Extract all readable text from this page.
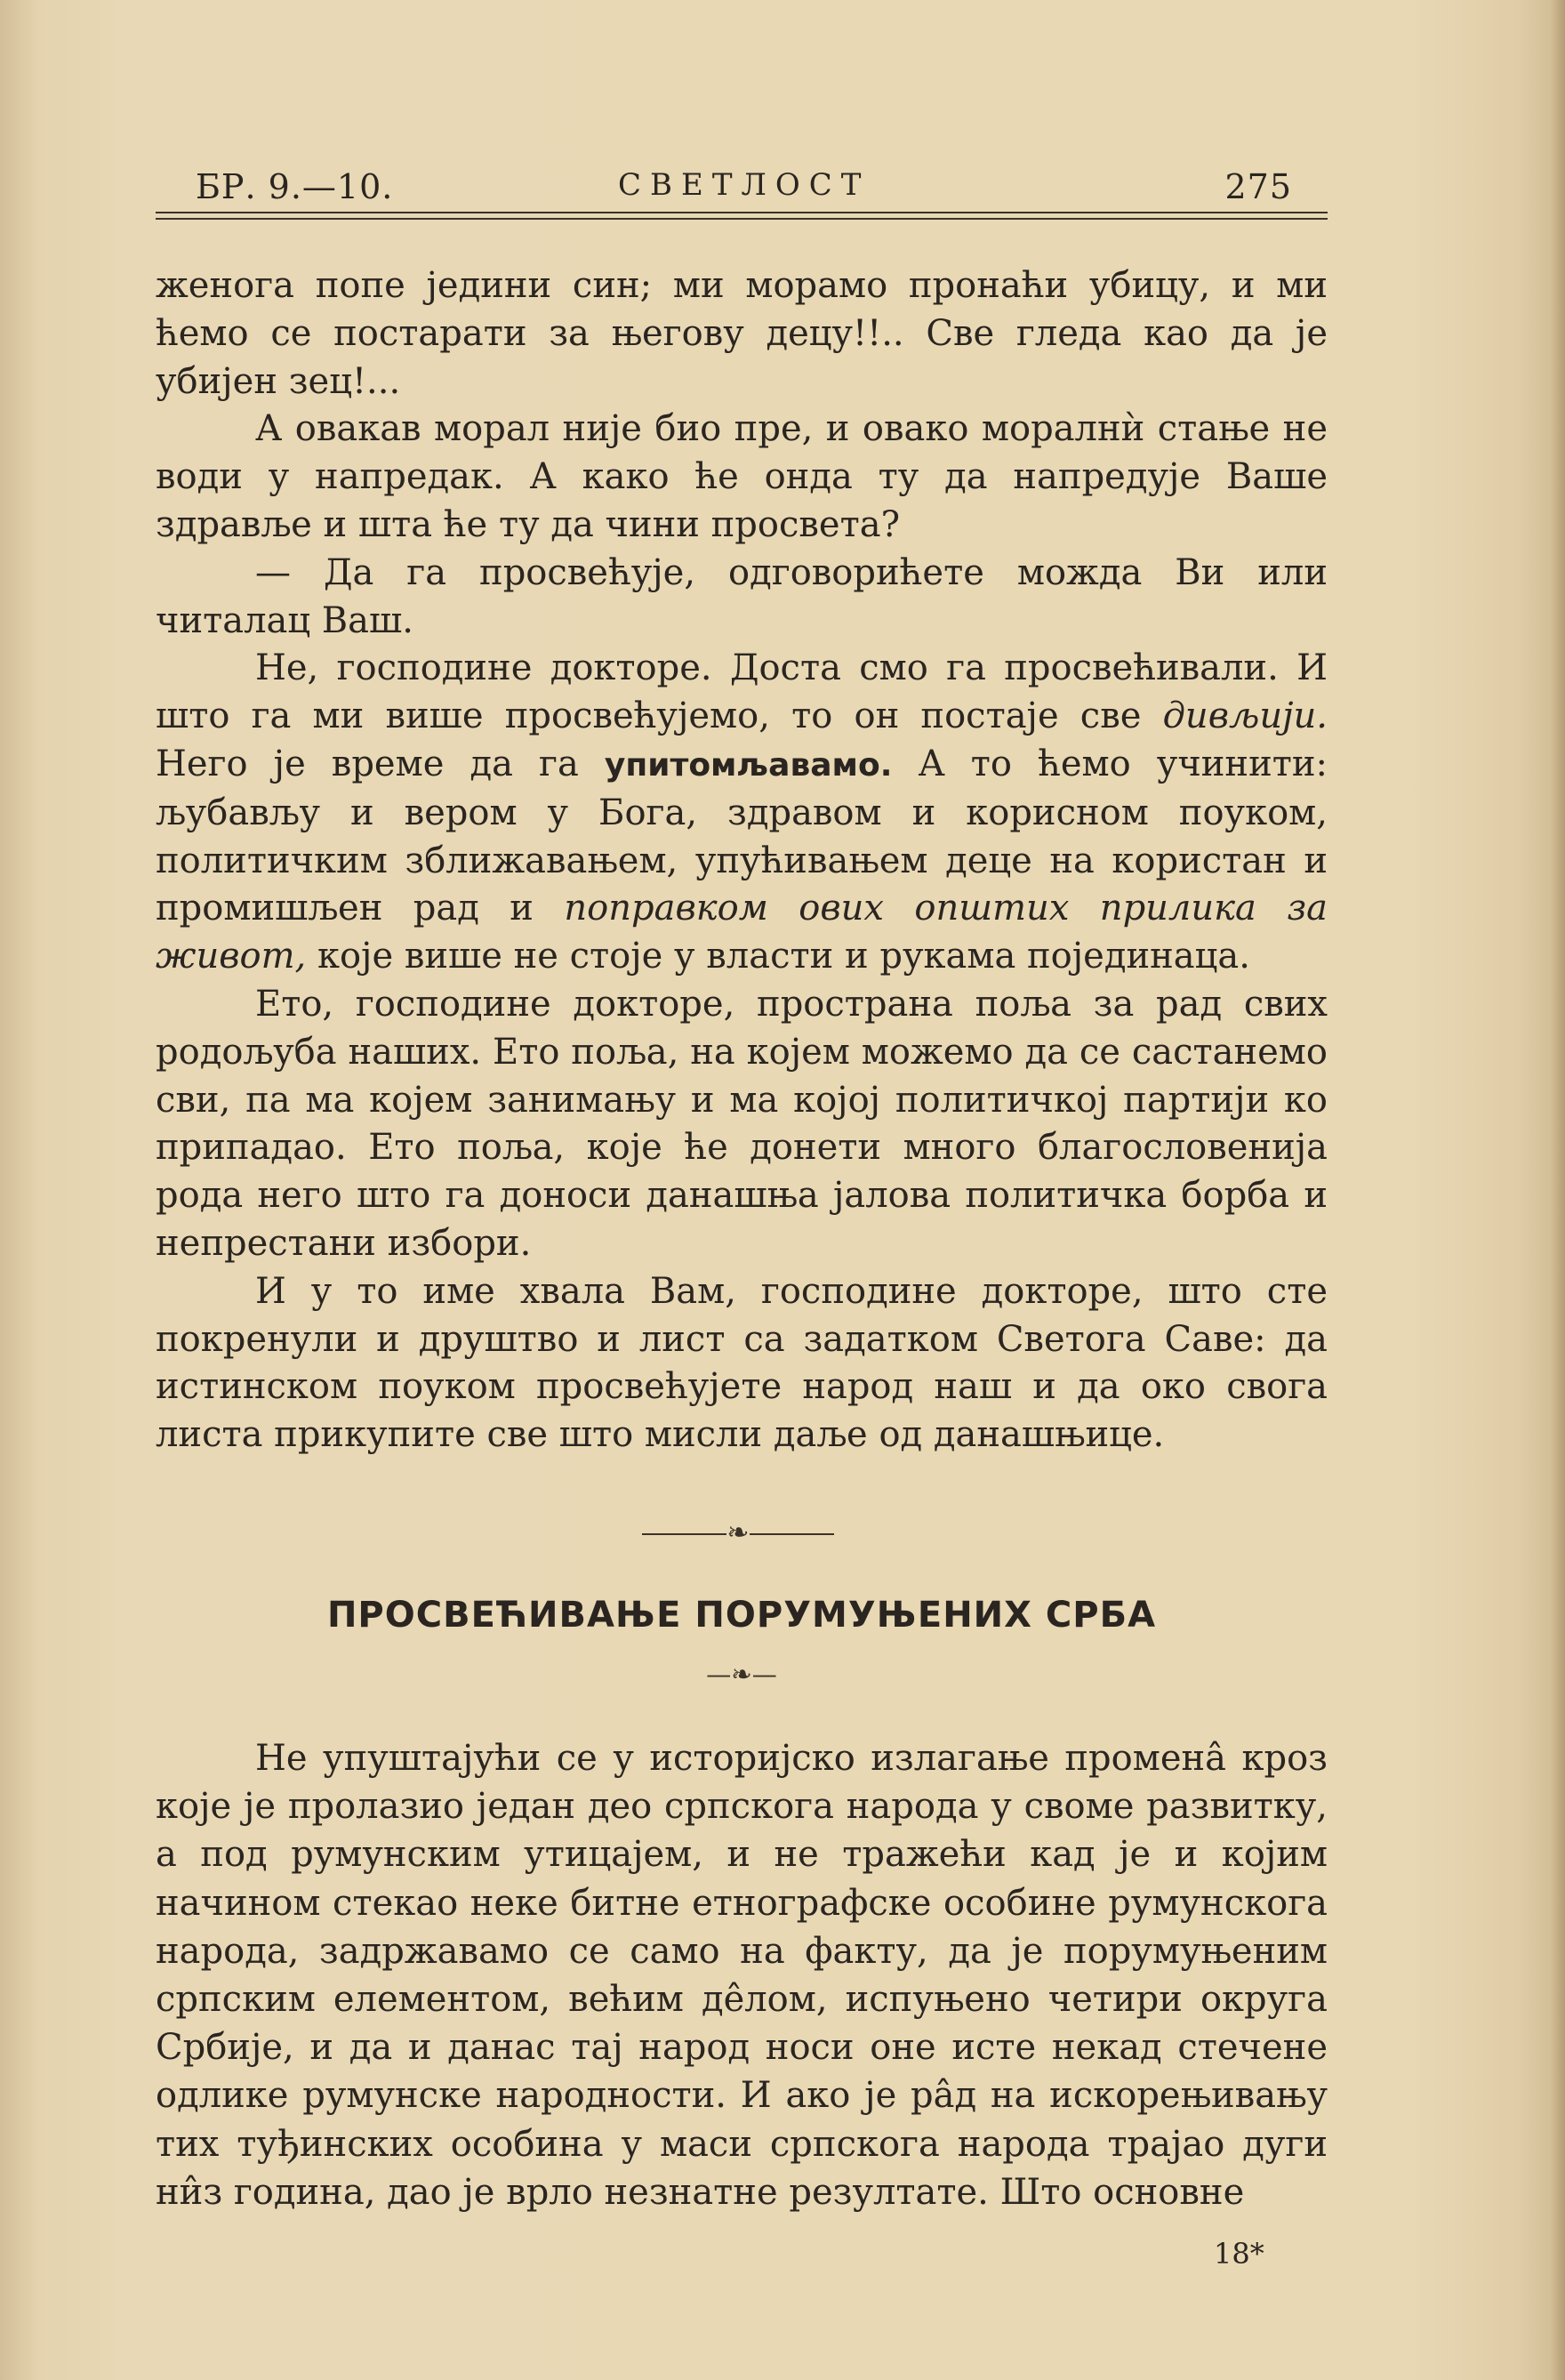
БР. 9.—10.	СВЕТЛОСТ	275

женога попе једини син; ми морамо пронаћи убицу, и ми ћемо се постарати за његову децу!!.. Све гледа као да је убијен зец!...

А овакав морал није био пре, и овако моралнѝ стање не води у напредак. А како ће онда ту да напредује Ваше здравље и шта ће ту да чини просвета?

— Да га просвећује, одговорићете можда Ви или читалац Ваш.

Не, господине докторе. Доста смо га просвећивали. И што га ми више просвећујемо, то он постаје све дивљији. Него је време да га упитомљавамо. А то ћемо учинити: љубављу и вером у Бога, здравом и корисном поуком, политичким зближавањем, упућивањем деце на користан и промишљен рад и поправком ових општих прилика за живот, које више не стоје у власти и рукама појединаца.

Ето, господине докторе, пространа поља за рад свих родољуба наших. Ето поља, на којем можемо да се састанемо сви, па ма којем занимању и ма којој политичкој партији ко припадао. Ето поља, које ће донети много благословенија рода него што га доноси данашња јалова политичка борба и непрестани избори.

И у то име хвала Вам, господине докторе, што сте покренули и друштво и лист са задатком Светога Саве: да истинском поуком просвећујете народ наш и да око свога листа прикупите све што мисли даље од данашњице.

❧
ПРОСВЕЋИВАЊЕ ПОРУМУЊЕНИХ СРБА
—❧—

Не упуштајући се у историјско излагање промена̂ кроз које је пролазио један део српскога народа у своме развитку, а под румунским утицајем, и не тражећи кад је и којим начином стекао неке битне етнографске особине румунскога народа, задржавамо се само на факту, да је порумуњеним српским елементом, већим де̂лом, испуњено четири округа Србије, и да и данас тај народ носи оне исте некад стечене одлике румунске народности. И ако је ра̂д на искорењивању тих туђинских особина у маси српскога народа трајао дуги ни̂з година, дао је врло незнатне резултате. Што основне

18*
